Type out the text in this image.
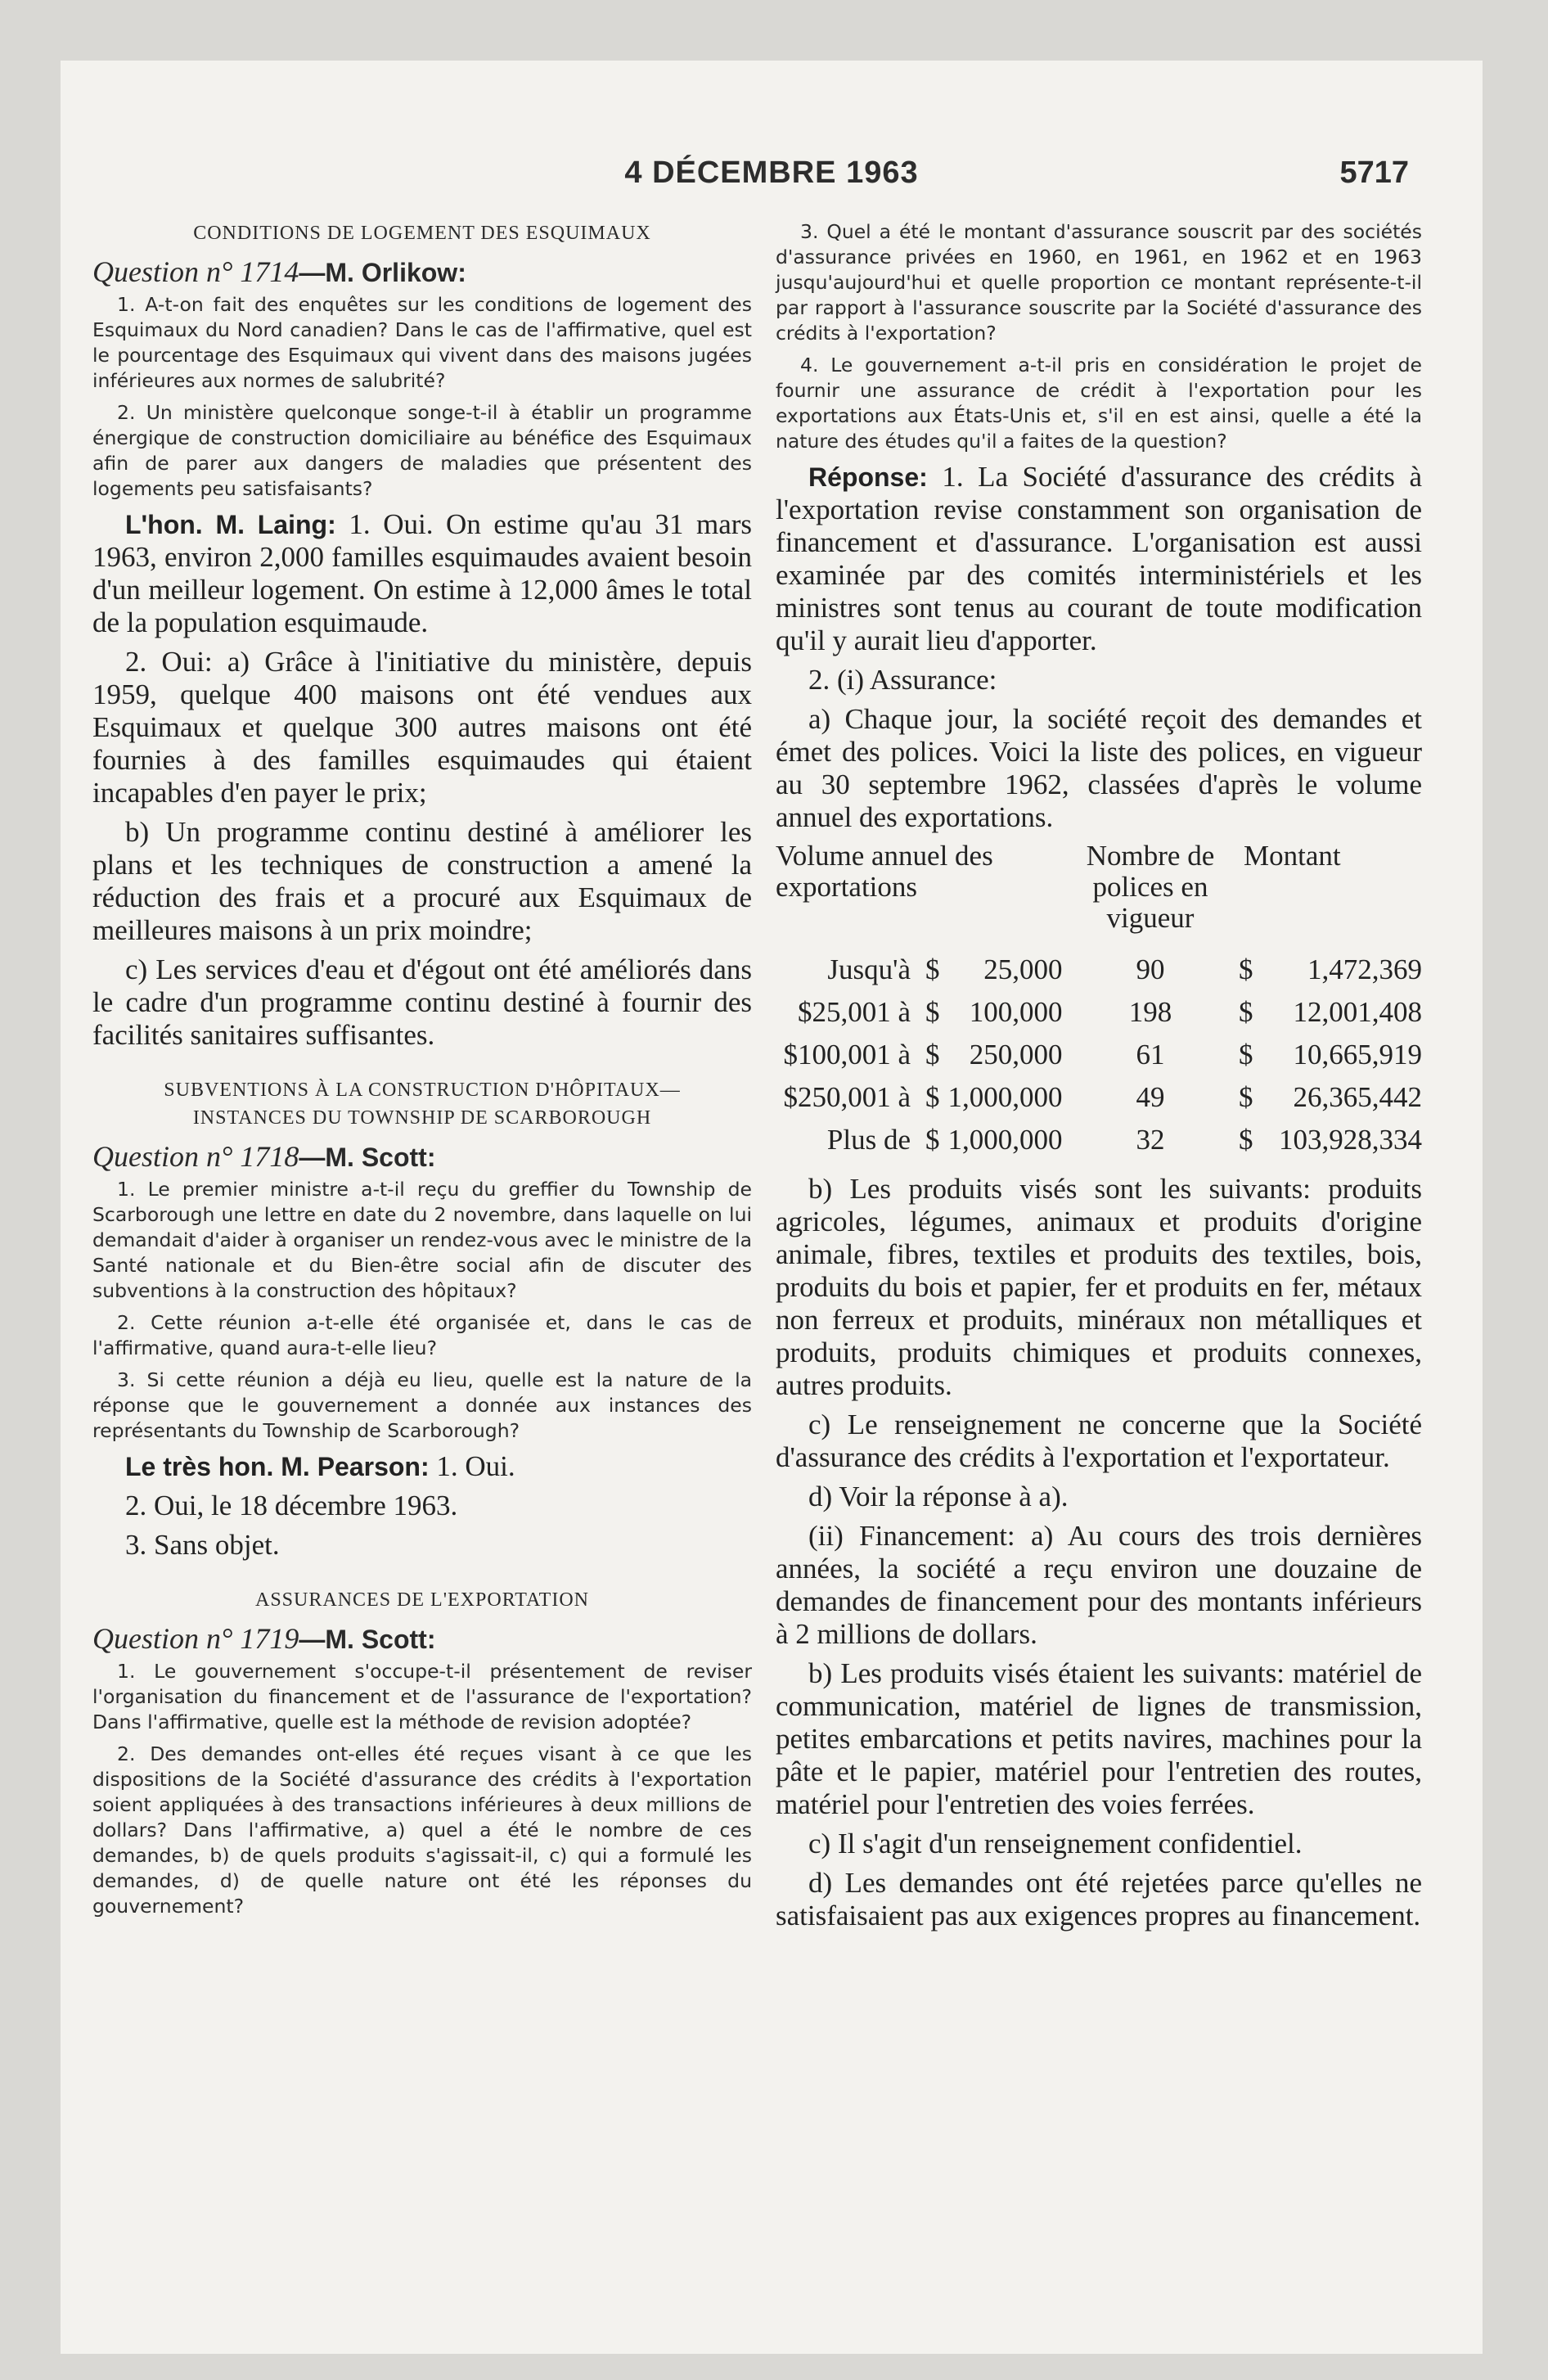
4 DÉCEMBRE 1963	5717
CONDITIONS DE LOGEMENT DES ESQUIMAUX
Question n° 1714—M. Orlikow:

1. A-t-on fait des enquêtes sur les conditions de logement des Esquimaux du Nord canadien? Dans le cas de l'affirmative, quel est le pourcentage des Esquimaux qui vivent dans des maisons jugées inférieures aux normes de salubrité?

2. Un ministère quelconque songe-t-il à établir un programme énergique de construction domiciliaire au bénéfice des Esquimaux afin de parer aux dangers de maladies que présentent des logements peu satisfaisants?

L'hon. M. Laing: 1. Oui. On estime qu'au 31 mars 1963, environ 2,000 familles esquimaudes avaient besoin d'un meilleur logement. On estime à 12,000 âmes le total de la population esquimaude.

2. Oui: a) Grâce à l'initiative du ministère, depuis 1959, quelque 400 maisons ont été vendues aux Esquimaux et quelque 300 autres maisons ont été fournies à des familles esquimaudes qui étaient incapables d'en payer le prix;

b) Un programme continu destiné à améliorer les plans et les techniques de construction a amené la réduction des frais et a procuré aux Esquimaux de meilleures maisons à un prix moindre;

c) Les services d'eau et d'égout ont été améliorés dans le cadre d'un programme continu destiné à fournir des facilités sanitaires suffisantes.

SUBVENTIONS À LA CONSTRUCTION D'HÔPITAUX—
INSTANCES DU TOWNSHIP DE SCARBOROUGH
Question n° 1718—M. Scott:

1. Le premier ministre a-t-il reçu du greffier du Township de Scarborough une lettre en date du 2 novembre, dans laquelle on lui demandait d'aider à organiser un rendez-vous avec le ministre de la Santé nationale et du Bien-être social afin de discuter des subventions à la construction des hôpitaux?

2. Cette réunion a-t-elle été organisée et, dans le cas de l'affirmative, quand aura-t-elle lieu?

3. Si cette réunion a déjà eu lieu, quelle est la nature de la réponse que le gouvernement a donnée aux instances des représentants du Township de Scarborough?

Le très hon. M. Pearson: 1. Oui.

2. Oui, le 18 décembre 1963.

3. Sans objet.

ASSURANCES DE L'EXPORTATION
Question n° 1719—M. Scott:

1. Le gouvernement s'occupe-t-il présentement de reviser l'organisation du financement et de l'assurance de l'exportation? Dans l'affirmative, quelle est la méthode de revision adoptée?

2. Des demandes ont-elles été reçues visant à ce que les dispositions de la Société d'assurance des crédits à l'exportation soient appliquées à des transactions inférieures à deux millions de dollars? Dans l'affirmative, a) quel a été le nombre de ces demandes, b) de quels produits s'agissait-il, c) qui a formulé les demandes, d) de quelle nature ont été les réponses du gouvernement?

3. Quel a été le montant d'assurance souscrit par des sociétés d'assurance privées en 1960, en 1961, en 1962 et en 1963 jusqu'aujourd'hui et quelle proportion ce montant représente-t-il par rapport à l'assurance souscrite par la Société d'assurance des crédits à l'exportation?

4. Le gouvernement a-t-il pris en considération le projet de fournir une assurance de crédit à l'exportation pour les exportations aux États-Unis et, s'il en est ainsi, quelle a été la nature des études qu'il a faites de la question?

Réponse: 1. La Société d'assurance des crédits à l'exportation revise constamment son organisation de financement et d'assurance. L'organisation est aussi examinée par des comités interministériels et les ministres sont tenus au courant de toute modification qu'il y aurait lieu d'apporter.

2. (i) Assurance:

a) Chaque jour, la société reçoit des demandes et émet des polices. Voici la liste des polices, en vigueur au 30 septembre 1962, classées d'après le volume annuel des exportations.

Volume annuel des exportations		Nombre de polices en vigueur	Montant	
Jusqu'à	$ 25,000	90	$	1,472,369
$25,001 à	$ 100,000	198	$	12,001,408
$100,001 à	$ 250,000	61	$	10,665,919
$250,001 à	$ 1,000,000	49	$	26,365,442
Plus de	$ 1,000,000	32	$	103,928,334

b) Les produits visés sont les suivants: produits agricoles, légumes, animaux et produits d'origine animale, fibres, textiles et produits des textiles, bois, produits du bois et papier, fer et produits en fer, métaux non ferreux et produits, minéraux non métalliques et produits, produits chimiques et produits connexes, autres produits.

c) Le renseignement ne concerne que la Société d'assurance des crédits à l'exportation et l'exportateur.

d) Voir la réponse à a).

(ii) Financement: a) Au cours des trois dernières années, la société a reçu environ une douzaine de demandes de financement pour des montants inférieurs à 2 millions de dollars.

b) Les produits visés étaient les suivants: matériel de communication, matériel de lignes de transmission, petites embarcations et petits navires, machines pour la pâte et le papier, matériel pour l'entretien des routes, matériel pour l'entretien des voies ferrées.

c) Il s'agit d'un renseignement confidentiel.

d) Les demandes ont été rejetées parce qu'elles ne satisfaisaient pas aux exigences propres au financement.
